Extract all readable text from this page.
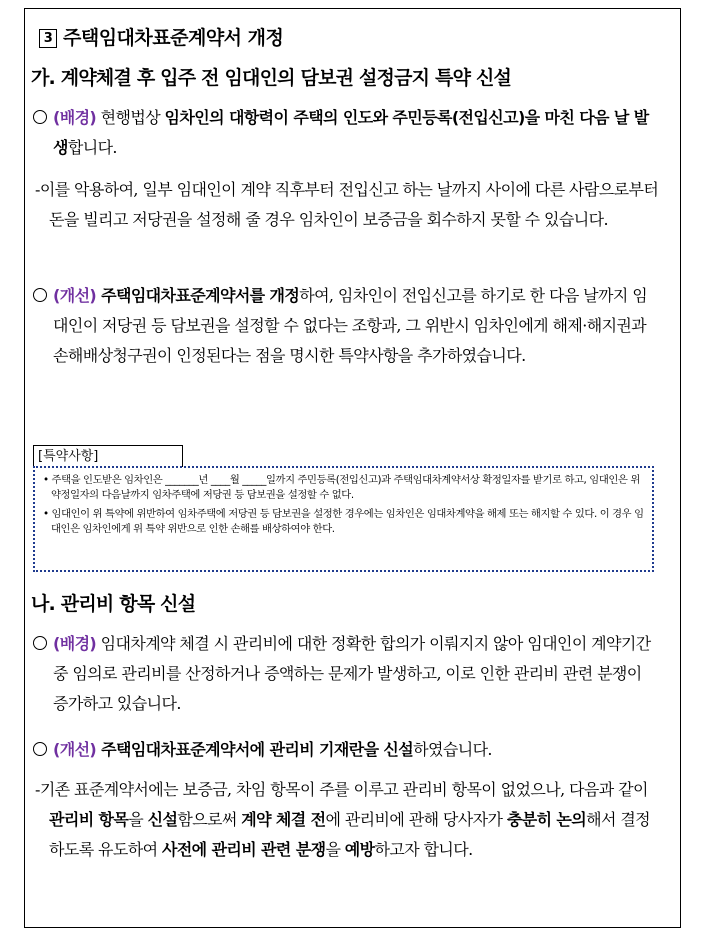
3 주택임대차표준계약서 개정
가. 계약체결 후 입주 전 임대인의 담보권 설정금지 특약 신설
(배경) 현행법상 임차인의 대항력이 주택의 인도와 주민등록(전입신고)을 마친 다음 날 발생합니다.
-이를 악용하여, 일부 임대인이 계약 직후부터 전입신고 하는 날까지 사이에 다른 사람으로부터 돈을 빌리고 저당권을 설정해 줄 경우 임차인이 보증금을 회수하지 못할 수 있습니다.
(개선) 주택임대차표준계약서를 개정하여, 임차인이 전입신고를 하기로 한 다음 날까지 임대인이 저당권 등 담보권을 설정할 수 없다는 조항과, 그 위반시 임차인에게 해제·해지권과 손해배상청구권이 인정된다는 점을 명시한 특약사항을 추가하였습니다.
[특약사항]
• 주택을 인도받은 임차인은 _______년 ____월 _____일까지 주민등록(전입신고)과 주택임대차계약서상 확정일자를 받기로 하고, 임대인은 위 약정일자의 다음날까지 임차주택에 저당권 등 담보권을 설정할 수 없다.
• 임대인이 위 특약에 위반하여 임차주택에 저당권 등 담보권을 설정한 경우에는 임차인은 임대차계약을 해제 또는 해지할 수 있다. 이 경우 임대인은 임차인에게 위 특약 위반으로 인한 손해를 배상하여야 한다.
나. 관리비 항목 신설
(배경) 임대차계약 체결 시 관리비에 대한 정확한 합의가 이뤄지지 않아 임대인이 계약기간 중 임의로 관리비를 산정하거나 증액하는 문제가 발생하고, 이로 인한 관리비 관련 분쟁이 증가하고 있습니다.
(개선) 주택임대차표준계약서에 관리비 기재란을 신설하였습니다.
-기존 표준계약서에는 보증금, 차임 항목이 주를 이루고 관리비 항목이 없었으나, 다음과 같이 관리비 항목을 신설함으로써 계약 체결 전에 관리비에 관해 당사자가 충분히 논의해서 결정하도록 유도하여 사전에 관리비 관련 분쟁을 예방하고자 합니다.
